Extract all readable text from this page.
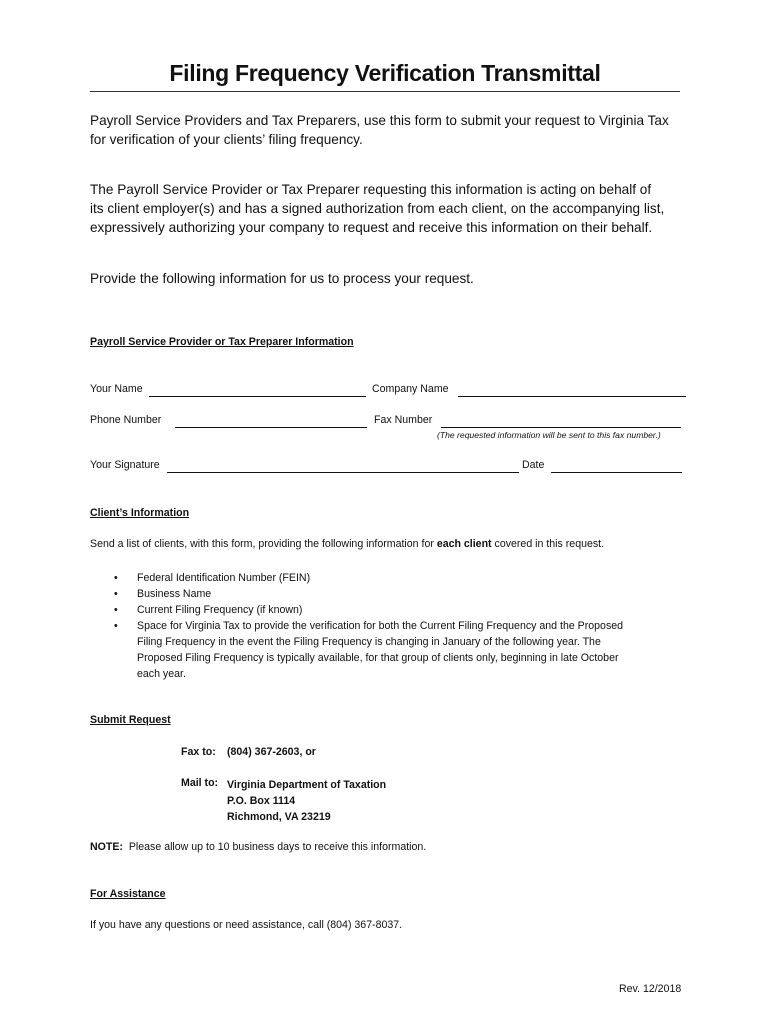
Filing Frequency Verification Transmittal
Payroll Service Providers and Tax Preparers, use this form to submit your request to Virginia Tax
for verification of your clients’ filing frequency.
The Payroll Service Provider or Tax Preparer requesting this information is acting on behalf of
its client employer(s) and has a signed authorization from each client, on the accompanying list,
expressively authorizing your company to request and receive this information on their behalf.
Provide the following information for us to process your request.
Payroll Service Provider or Tax Preparer Information
Your Name	Company Name
Phone Number	Fax Number
(The requested information will be sent to this fax number.)
Your Signature	Date
Client’s Information
Send a list of clients, with this form, providing the following information for each client covered in this request.
• Federal Identification Number (FEIN)
• Business Name
• Current Filing Frequency (if known)
• Space for Virginia Tax to provide the verification for both the Current Filing Frequency and the Proposed
Filing Frequency in the event the Filing Frequency is changing in January of the following year. The
Proposed Filing Frequency is typically available, for that group of clients only, beginning in late October
each year.
Submit Request
Fax to: (804) 367-2603, or
Mail to: Virginia Department of Taxation
P.O. Box 1114
Richmond, VA 23219
NOTE:  Please allow up to 10 business days to receive this information.
For Assistance
If you have any questions or need assistance, call (804) 367-8037.
Rev. 12/2018
